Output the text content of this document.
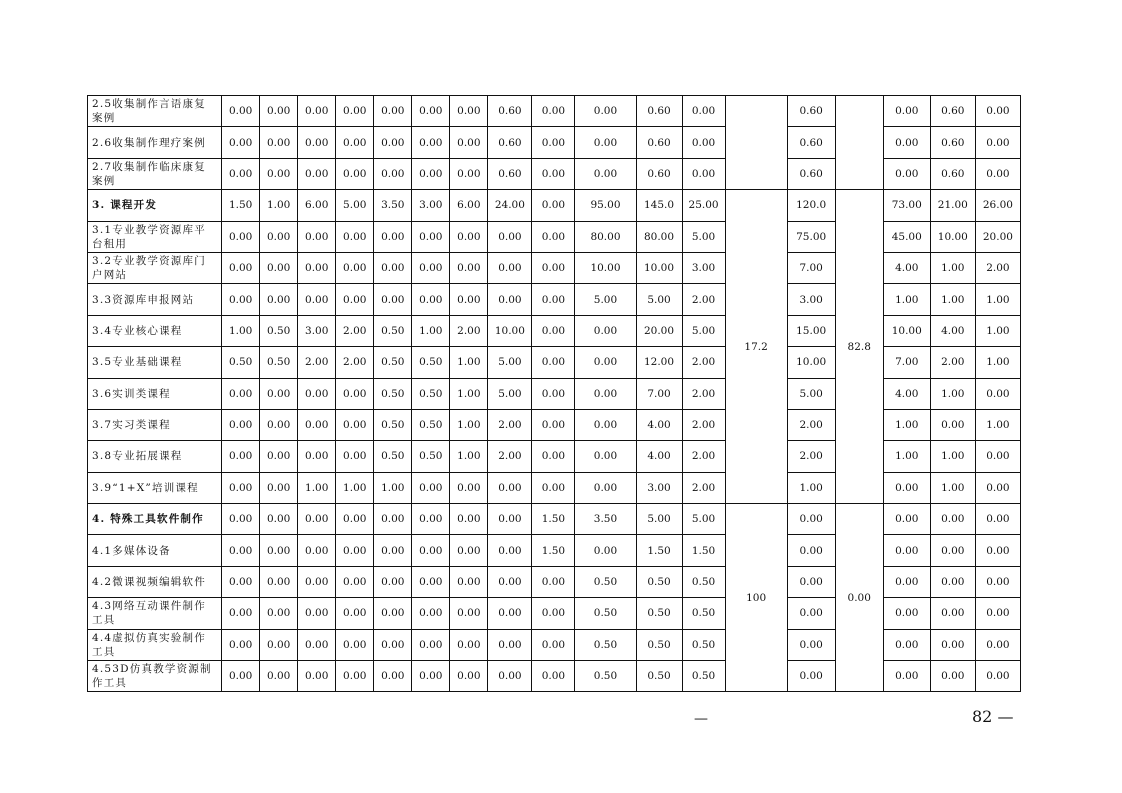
2.5收集制作言语康复案例	0.00	0.00	0.00	0.00	0.00	0.00	0.00	0.60	0.00	0.00	0.60	0.00		0.60		0.00	0.60	0.00
2.6收集制作理疗案例	0.00	0.00	0.00	0.00	0.00	0.00	0.00	0.60	0.00	0.00	0.60	0.00		0.60		0.00	0.60	0.00
2.7收集制作临床康复案例	0.00	0.00	0.00	0.00	0.00	0.00	0.00	0.60	0.00	0.00	0.60	0.00		0.60		0.00	0.60	0.00
3. 课程开发	1.50	1.00	6.00	5.00	3.50	3.00	6.00	24.00	0.00	95.00	145.0	25.00	17.2	120.0	82.8	73.00	21.00	26.00
3.1专业教学资源库平台租用	0.00	0.00	0.00	0.00	0.00	0.00	0.00	0.00	0.00	80.00	80.00	5.00		75.00		45.00	10.00	20.00
3.2专业教学资源库门户网站	0.00	0.00	0.00	0.00	0.00	0.00	0.00	0.00	0.00	10.00	10.00	3.00		7.00		4.00	1.00	2.00
3.3资源库申报网站	0.00	0.00	0.00	0.00	0.00	0.00	0.00	0.00	0.00	5.00	5.00	2.00		3.00		1.00	1.00	1.00
3.4专业核心课程	1.00	0.50	3.00	2.00	0.50	1.00	2.00	10.00	0.00	0.00	20.00	5.00		15.00		10.00	4.00	1.00
3.5专业基础课程	0.50	0.50	2.00	2.00	0.50	0.50	1.00	5.00	0.00	0.00	12.00	2.00		10.00		7.00	2.00	1.00
3.6实训类课程	0.00	0.00	0.00	0.00	0.50	0.50	1.00	5.00	0.00	0.00	7.00	2.00		5.00		4.00	1.00	0.00
3.7实习类课程	0.00	0.00	0.00	0.00	0.50	0.50	1.00	2.00	0.00	0.00	4.00	2.00		2.00		1.00	0.00	1.00
3.8专业拓展课程	0.00	0.00	0.00	0.00	0.50	0.50	1.00	2.00	0.00	0.00	4.00	2.00		2.00		1.00	1.00	0.00
3.9“1+X”培训课程	0.00	0.00	1.00	1.00	1.00	0.00	0.00	0.00	0.00	0.00	3.00	2.00		1.00		0.00	1.00	0.00
4. 特殊工具软件制作	0.00	0.00	0.00	0.00	0.00	0.00	0.00	0.00	1.50	3.50	5.00	5.00	100	0.00	0.00	0.00	0.00	0.00
4.1多媒体设备	0.00	0.00	0.00	0.00	0.00	0.00	0.00	0.00	1.50	0.00	1.50	1.50		0.00		0.00	0.00	0.00
4.2微课视频编辑软件	0.00	0.00	0.00	0.00	0.00	0.00	0.00	0.00	0.00	0.50	0.50	0.50		0.00		0.00	0.00	0.00
4.3网络互动课件制作工具	0.00	0.00	0.00	0.00	0.00	0.00	0.00	0.00	0.00	0.50	0.50	0.50		0.00		0.00	0.00	0.00
4.4虚拟仿真实验制作工具	0.00	0.00	0.00	0.00	0.00	0.00	0.00	0.00	0.00	0.50	0.50	0.50		0.00		0.00	0.00	0.00
4.53D仿真教学资源制作工具	0.00	0.00	0.00	0.00	0.00	0.00	0.00	0.00	0.00	0.50	0.50	0.50		0.00		0.00	0.00	0.00
—	82 —
